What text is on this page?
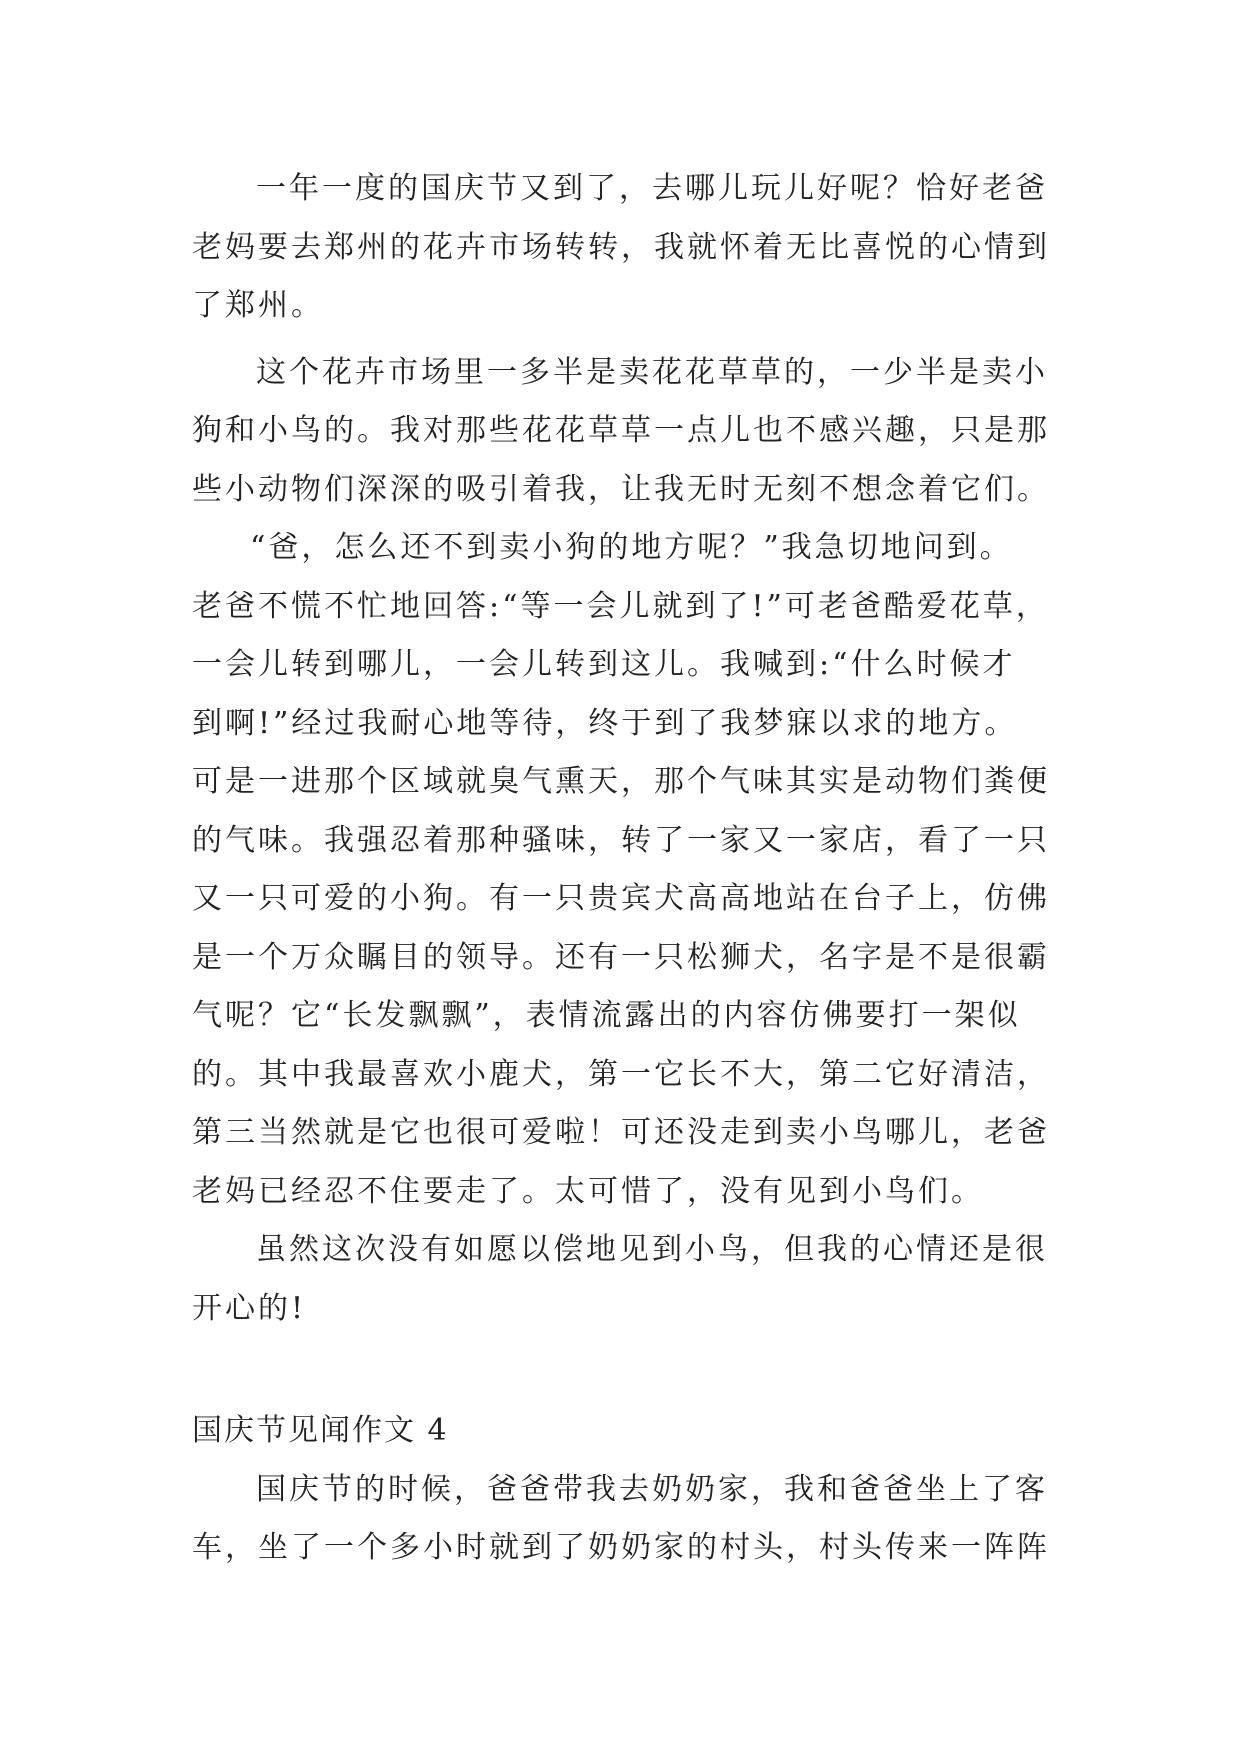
一年一度的国庆节又到了，去哪儿玩儿好呢？恰好老爸
老妈要去郑州的花卉市场转转，我就怀着无比喜悦的心情到
了郑州。
这个花卉市场里一多半是卖花花草草的，一少半是卖小
狗和小鸟的。我对那些花花草草一点儿也不感兴趣，只是那
些小动物们深深的吸引着我，让我无时无刻不想念着它们。
“爸，怎么还不到卖小狗的地方呢？”我急切地问到。
老爸不慌不忙地回答:“等一会儿就到了!”可老爸酷爱花草，
一会儿转到哪儿，一会儿转到这儿。我喊到:“什么时候才
到啊!”经过我耐心地等待，终于到了我梦寐以求的地方。
可是一进那个区域就臭气熏天，那个气味其实是动物们粪便
的气味。我强忍着那种骚味，转了一家又一家店，看了一只
又一只可爱的小狗。有一只贵宾犬高高地站在台子上，仿佛
是一个万众瞩目的领导。还有一只松狮犬，名字是不是很霸
气呢？它“长发飘飘”，表情流露出的内容仿佛要打一架似
的。其中我最喜欢小鹿犬，第一它长不大，第二它好清洁，
第三当然就是它也很可爱啦！可还没走到卖小鸟哪儿，老爸
老妈已经忍不住要走了。太可惜了，没有见到小鸟们。
虽然这次没有如愿以偿地见到小鸟，但我的心情还是很
开心的!
国庆节见闻作文 4
国庆节的时候，爸爸带我去奶奶家，我和爸爸坐上了客
车，坐了一个多小时就到了奶奶家的村头，村头传来一阵阵
